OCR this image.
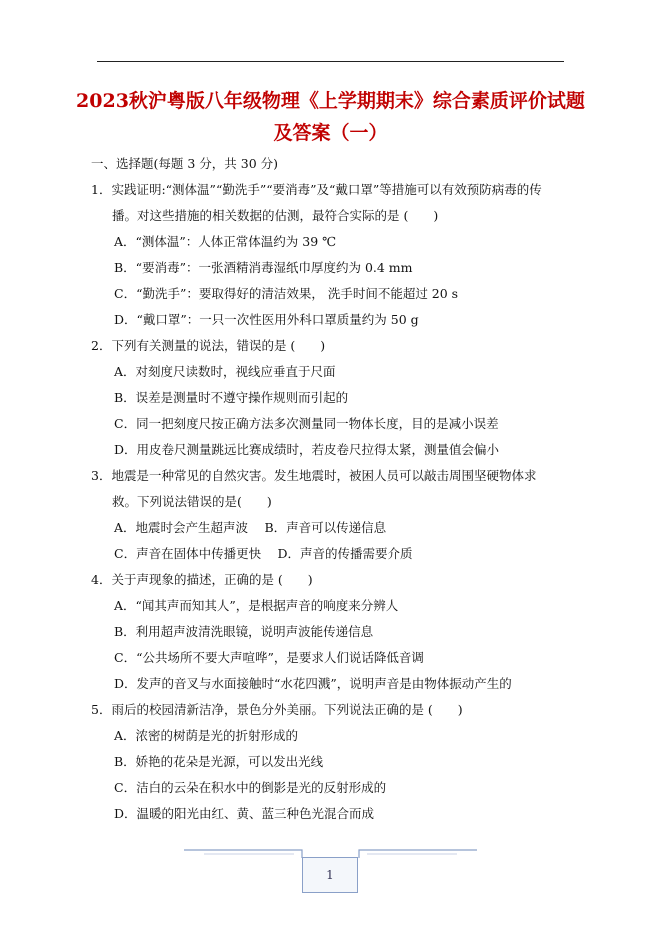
2023秋沪粤版八年级物理《上学期期末》综合素质评价试题
及答案（一）
一、选择题(每题 3 分，共 30 分)
1．实践证明:“测体温”“勤洗手”“要消毒”及“戴口罩”等措施可以有效预防病毒的传
播。对这些措施的相关数据的估测，最符合实际的是 (　　)
A．“测体温”：人体正常体温约为 39 ℃
B．“要消毒”：一张酒精消毒湿纸巾厚度约为 0.4 mm
C．“勤洗手”：要取得好的清洁效果， 洗手时间不能超过 20 s
D．“戴口罩”：一只一次性医用外科口罩质量约为 50 g
2．下列有关测量的说法，错误的是 (　　)
A．对刻度尺读数时，视线应垂直于尺面
B．误差是测量时不遵守操作规则而引起的
C．同一把刻度尺按正确方法多次测量同一物体长度，目的是减小误差
D．用皮卷尺测量跳远比赛成绩时，若皮卷尺拉得太紧，测量值会偏小
3．地震是一种常见的自然灾害。发生地震时，被困人员可以敲击周围坚硬物体求
救。下列说法错误的是(　　)
A．地震时会产生超声波　 B．声音可以传递信息
C．声音在固体中传播更快　 D．声音的传播需要介质
4．关于声现象的描述，正确的是 (　　)
A．“闻其声而知其人”，是根据声音的响度来分辨人
B．利用超声波清洗眼镜，说明声波能传递信息
C．“公共场所不要大声喧哗”，是要求人们说话降低音调
D．发声的音叉与水面接触时“水花四溅”，说明声音是由物体振动产生的
5．雨后的校园清新洁净，景色分外美丽。下列说法正确的是 (　　)
A．浓密的树荫是光的折射形成的
B．娇艳的花朵是光源，可以发出光线
C．洁白的云朵在积水中的倒影是光的反射形成的
D．温暖的阳光由红、黄、蓝三种色光混合而成
1
